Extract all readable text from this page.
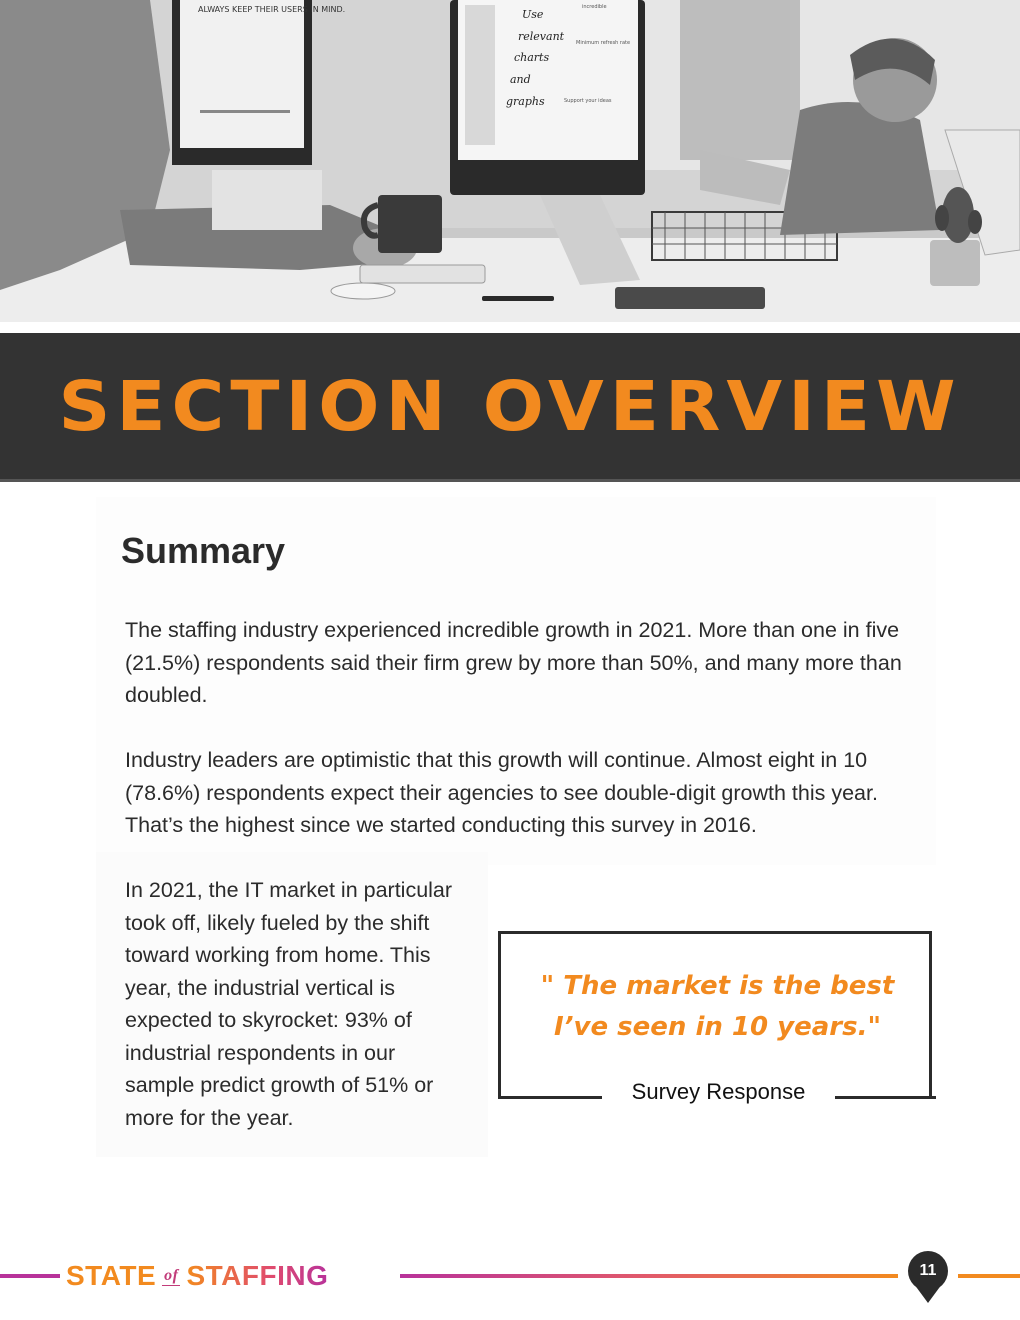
ALWAYS KEEP THEIR USERS IN MIND.	Use
relevant
charts
and
graphs
incredible
Minimum refresh rate
Support your ideas
SECTION OVERVIEW
Summary

The staffing industry experienced incredible growth in 2021. More than one in five (21.5%) respondents said their firm grew by more than 50%, and many more than doubled.

Industry leaders are optimistic that this growth will continue. Almost eight in 10 (78.6%) respondents expect their agencies to see double-digit growth this year. That’s the highest since we started conducting this survey in 2016.

In 2021, the IT market in particular took off, likely fueled by the shift toward working from home. This year, the industrial vertical is expected to skyrocket: 93% of industrial respondents in our sample predict growth of 51% or more for the year.

" The market is the best I’ve seen in 10 years."

Survey Response

STATE of STAFFING	11
